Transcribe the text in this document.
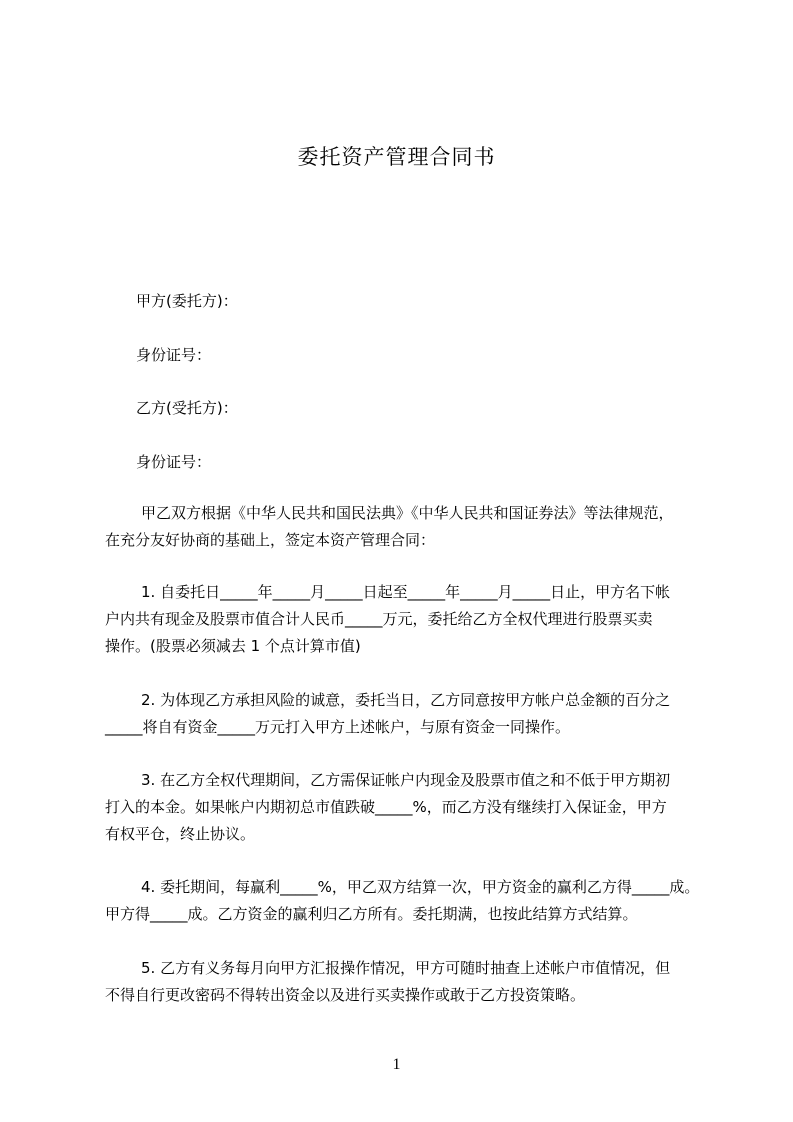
委托资产管理合同书
甲方(委托方)：
身份证号：
乙方(受托方)：
身份证号：
甲乙双方根据《中华人民共和国民法典》《中华人民共和国证券法》等法律规范，
在充分友好协商的基础上，签定本资产管理合同：
1. 自委托日_____年_____月_____日起至_____年_____月_____日止，甲方名下帐
户内共有现金及股票市值合计人民币_____万元，委托给乙方全权代理进行股票买卖
操作。(股票必须减去 1 个点计算市值)
2. 为体现乙方承担风险的诚意，委托当日，乙方同意按甲方帐户总金额的百分之
_____将自有资金_____万元打入甲方上述帐户，与原有资金一同操作。
3. 在乙方全权代理期间，乙方需保证帐户内现金及股票市值之和不低于甲方期初
打入的本金。如果帐户内期初总市值跌破_____%，而乙方没有继续打入保证金，甲方
有权平仓，终止协议。
4. 委托期间，每赢利_____%，甲乙双方结算一次，甲方资金的赢利乙方得_____成。
甲方得_____成。乙方资金的赢利归乙方所有。委托期满，也按此结算方式结算。
5. 乙方有义务每月向甲方汇报操作情况，甲方可随时抽查上述帐户市值情况，但
不得自行更改密码不得转出资金以及进行买卖操作或敢于乙方投资策略。
1
